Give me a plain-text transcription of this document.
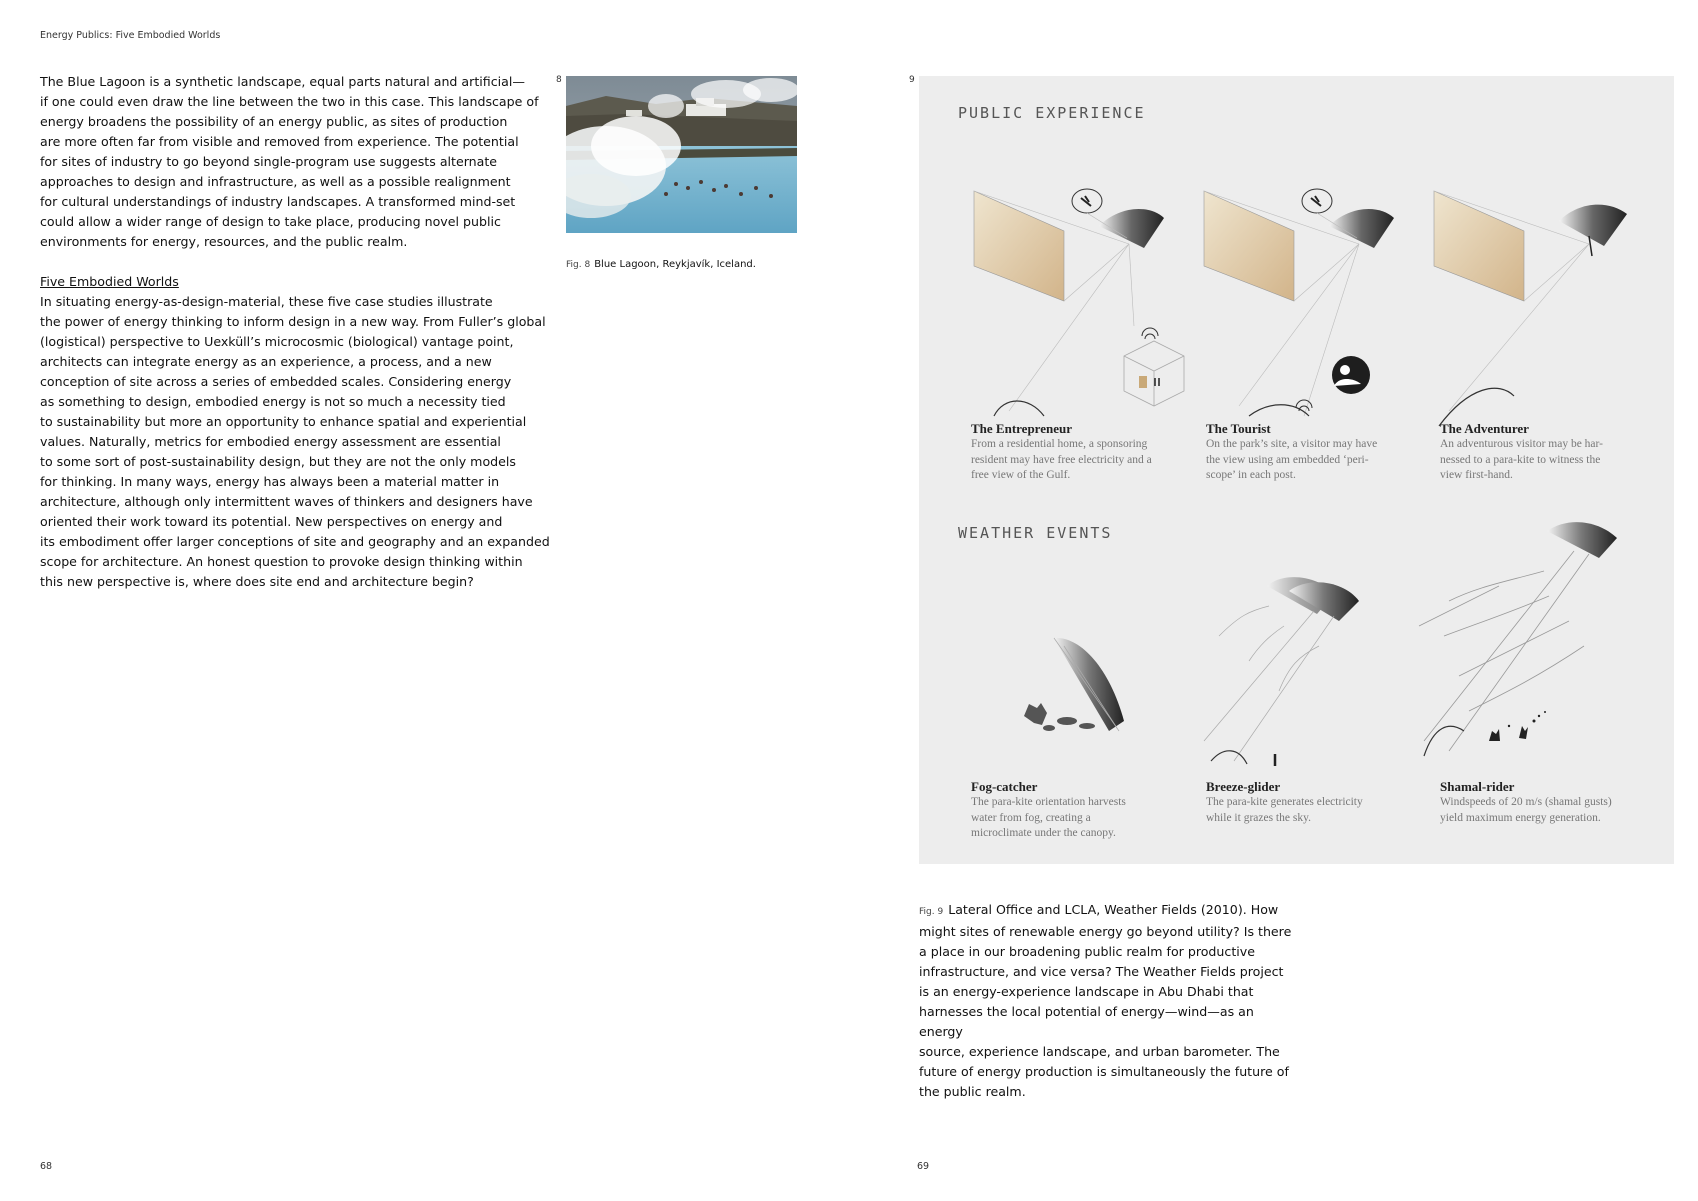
Energy Publics: Five Embodied Worlds

The Blue Lagoon is a synthetic landscape, equal parts natural and artificial—
if one could even draw the line between the two in this case. This landscape of
energy broadens the possibility of an energy public, as sites of production
are more often far from visible and removed from experience. The potential
for sites of industry to go beyond single-program use suggests alternate
approaches to design and infrastructure, as well as a possible realignment
for cultural understandings of industry landscapes. A transformed mind-set
could allow a wider range of design to take place, producing novel public
environments for energy, resources, and the public realm.

Five Embodied Worlds

In situating energy-as-design-material, these five case studies illustrate
the power of energy thinking to inform design in a new way. From Fuller’s global
(logistical) perspective to Uexküll’s microcosmic (biological) vantage point,
architects can integrate energy as an experience, a process, and a new
conception of site across a series of embedded scales. Considering energy
as something to design, embodied energy is not so much a necessity tied
to sustainability but more an opportunity to enhance spatial and experiential
values. Naturally, metrics for embodied energy assessment are essential
to some sort of post-sustainability design, but they are not the only models
for thinking. In many ways, energy has always been a material matter in
architecture, although only intermittent waves of thinkers and designers have
oriented their work toward its potential. New perspectives on energy and
its embodiment offer larger conceptions of site and geography and an expanded
scope for architecture. An honest question to provoke design thinking within
this new perspective is, where does site end and architecture begin?

8
Fig. 8 Blue Lagoon, Reykjavík, Iceland.
9
PUBLIC EXPERIENCE
WEATHER EVENTS
The Entrepreneur
From a residential home, a sponsoring
resident may have free electricity and a
free view of the Gulf.
The Tourist
On the park’s site, a visitor may have
the view using am embedded ‘peri-
scope’ in each post.
The Adventurer
An adventurous visitor may be har-
nessed to a para-kite to witness the
view first-hand.
Fog-catcher
The para-kite orientation harvests
water from fog, creating a
microclimate under the canopy.
Breeze-glider
The para-kite generates electricity
while it grazes the sky.
Shamal-rider
Windspeeds of 20 m/s (shamal gusts)
yield maximum energy generation.
Fig. 9 Lateral Office and LCLA, Weather Fields (2010). How
might sites of renewable energy go beyond utility? Is there
a place in our broadening public realm for productive
infrastructure, and vice versa? The Weather Fields project
is an energy-experience landscape in Abu Dhabi that
harnesses the local potential of energy—wind—as an energy
source, experience landscape, and urban barometer. The
future of energy production is simultaneously the future of
the public realm.
68	69
